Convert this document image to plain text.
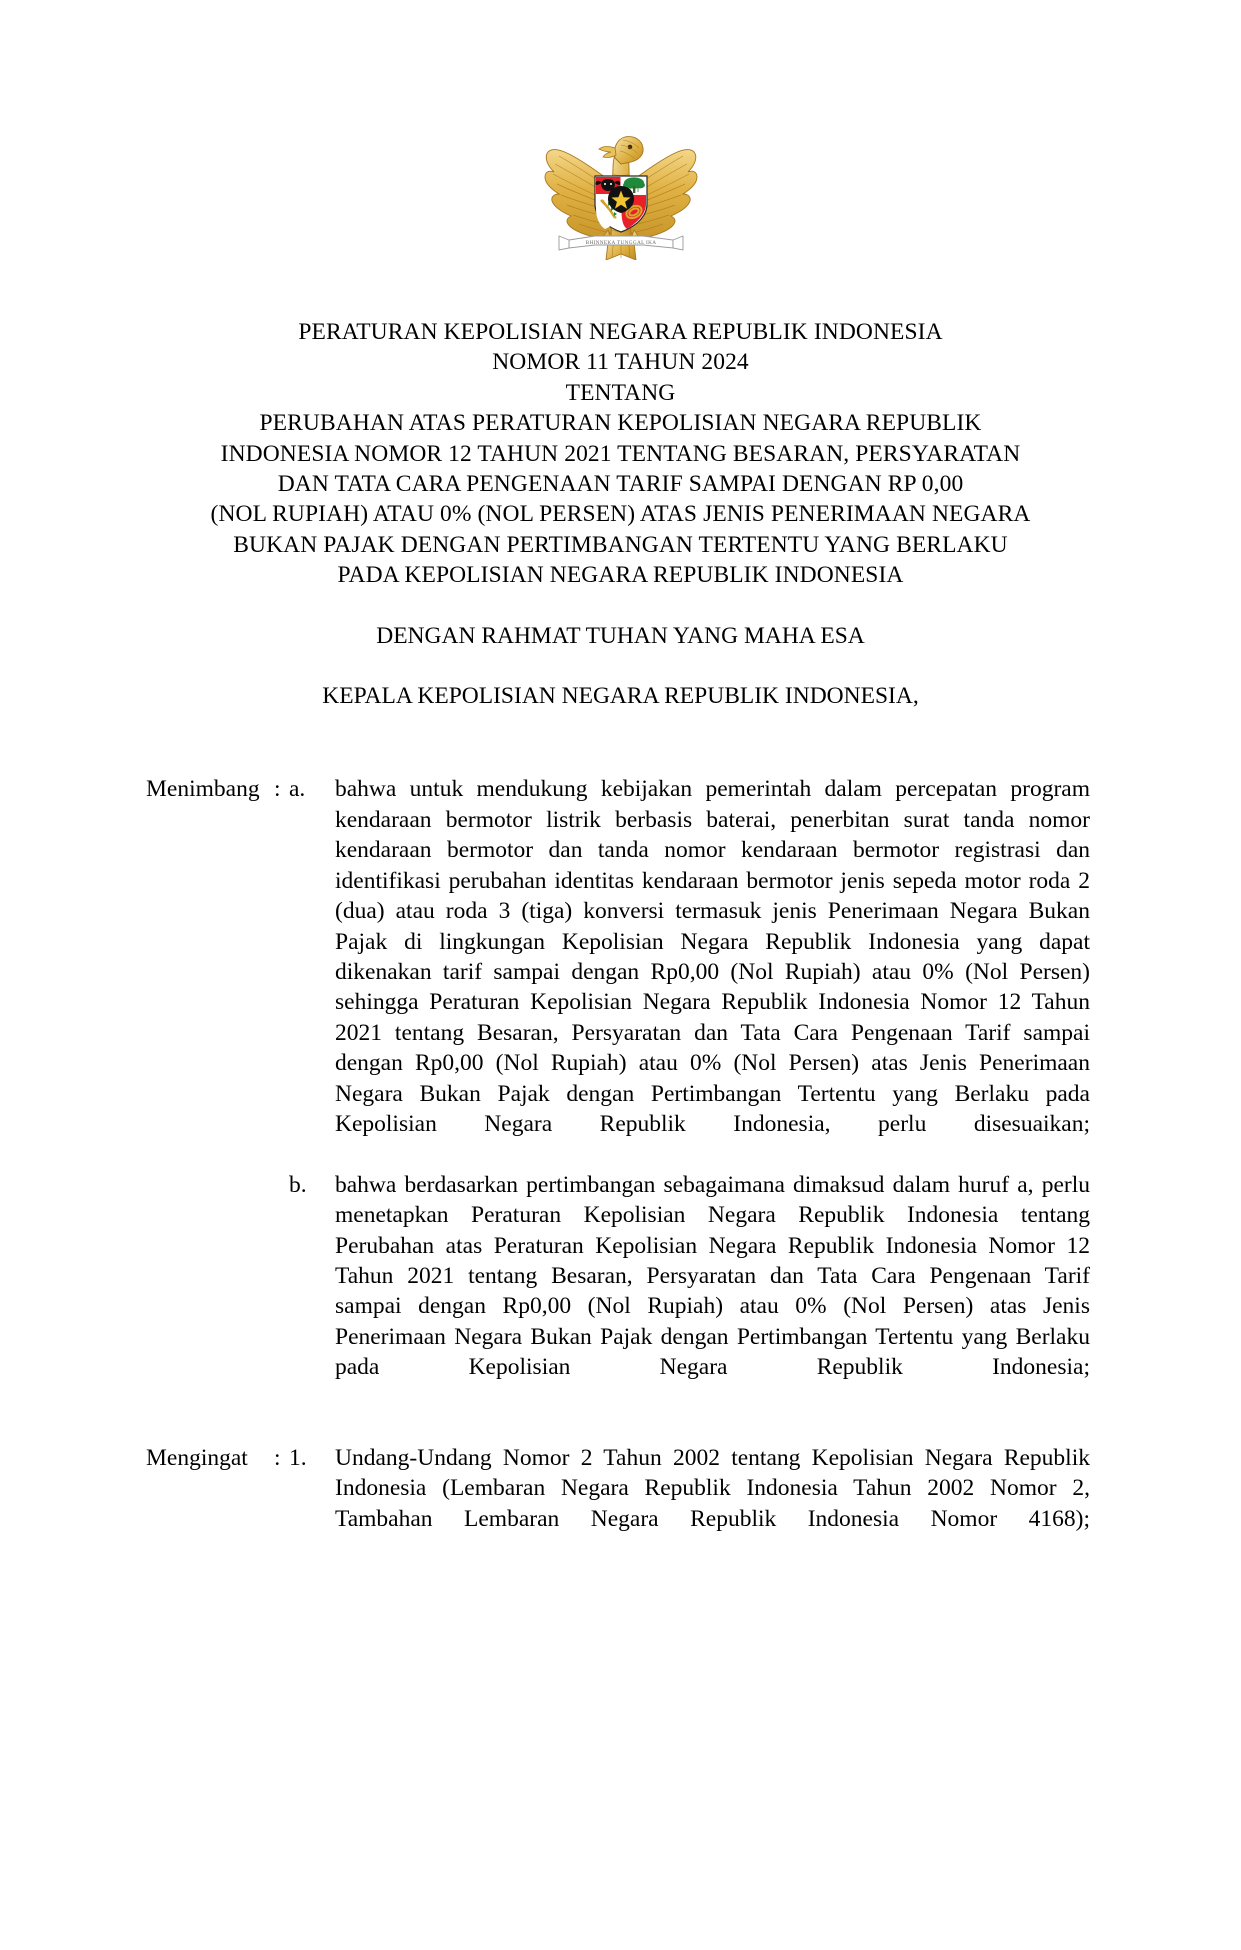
BHINNEKA TUNGGAL IKA
PERATURAN KEPOLISIAN NEGARA REPUBLIK INDONESIA
NOMOR 11 TAHUN 2024
TENTANG
PERUBAHAN ATAS PERATURAN KEPOLISIAN NEGARA REPUBLIK
INDONESIA NOMOR 12 TAHUN 2021 TENTANG BESARAN, PERSYARATAN
DAN TATA CARA PENGENAAN TARIF SAMPAI DENGAN RP 0,00
(NOL RUPIAH) ATAU 0% (NOL PERSEN) ATAS JENIS PENERIMAAN NEGARA
BUKAN PAJAK DENGAN PERTIMBANGAN TERTENTU YANG BERLAKU
PADA KEPOLISIAN NEGARA REPUBLIK INDONESIA
DENGAN RAHMAT TUHAN YANG MAHA ESA
KEPALA KEPOLISIAN NEGARA REPUBLIK INDONESIA,
Menimbang : a.	bahwa untuk mendukung kebijakan pemerintah dalam percepatan program kendaraan bermotor listrik berbasis baterai, penerbitan surat tanda nomor kendaraan bermotor dan tanda nomor kendaraan bermotor registrasi dan identifikasi perubahan identitas kendaraan bermotor jenis sepeda motor roda 2 (dua) atau roda 3 (tiga) konversi termasuk jenis Penerimaan Negara Bukan Pajak di lingkungan Kepolisian Negara Republik Indonesia yang dapat dikenakan tarif sampai dengan Rp0,00 (Nol Rupiah) atau 0% (Nol Persen) sehingga Peraturan Kepolisian Negara Republik Indonesia Nomor 12 Tahun 2021 tentang Besaran, Persyaratan dan Tata Cara Pengenaan Tarif sampai dengan Rp0,00 (Nol Rupiah) atau 0% (Nol Persen) atas Jenis Penerimaan Negara Bukan Pajak dengan Pertimbangan Tertentu yang Berlaku pada Kepolisian Negara Republik Indonesia, perlu disesuaikan;
b.	bahwa berdasarkan pertimbangan sebagaimana dimaksud dalam huruf a, perlu menetapkan Peraturan Kepolisian Negara Republik Indonesia tentang Perubahan atas Peraturan Kepolisian Negara Republik Indonesia Nomor 12 Tahun 2021 tentang Besaran, Persyaratan dan Tata Cara Pengenaan Tarif sampai dengan Rp0,00 (Nol Rupiah) atau 0% (Nol Persen) atas Jenis Penerimaan Negara Bukan Pajak dengan Pertimbangan Tertentu yang Berlaku pada Kepolisian Negara Republik Indonesia;
Mengingat	: 1.	Undang-Undang Nomor 2 Tahun 2002 tentang Kepolisian Negara Republik Indonesia (Lembaran Negara Republik Indonesia Tahun 2002 Nomor 2, Tambahan Lembaran Negara Republik Indonesia Nomor 4168);
